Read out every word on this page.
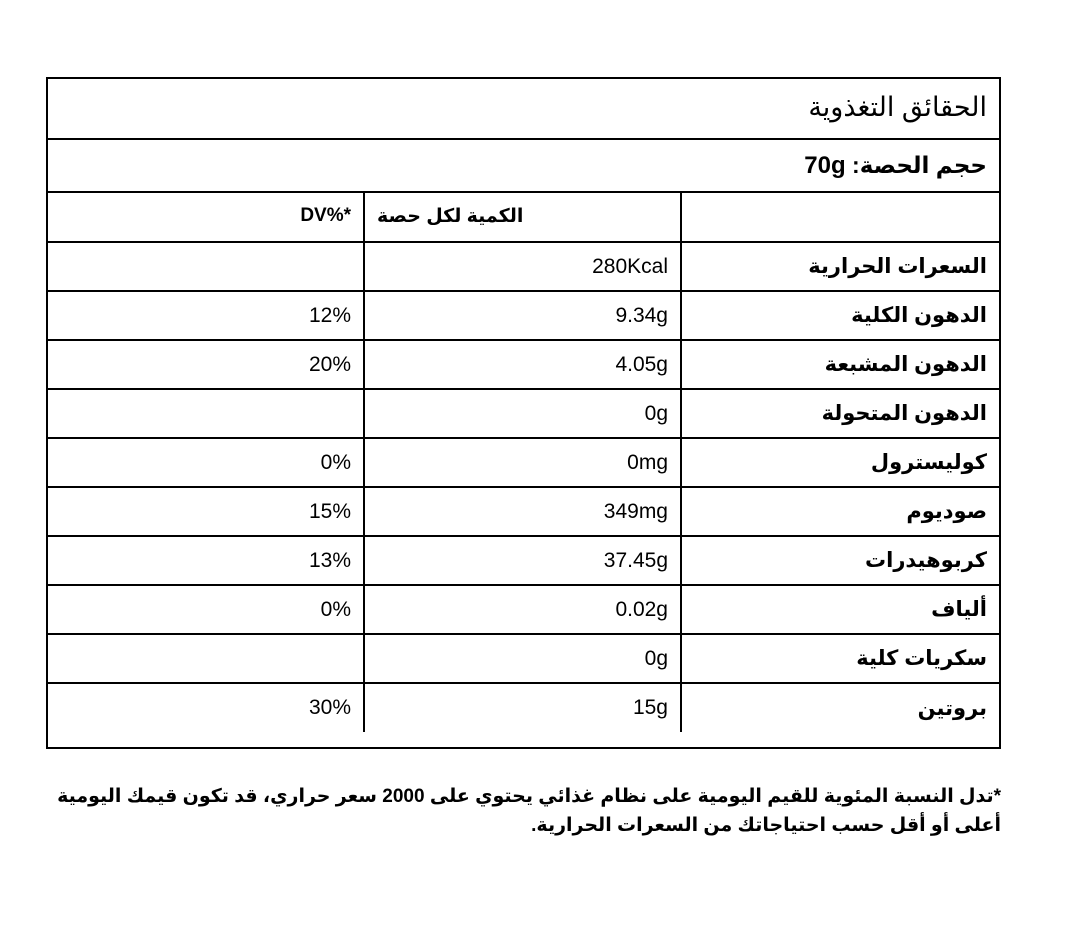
الحقائق التغذوية
حجم الحصة: 70g
DV%*	الكمية لكل حصة	
	280Kcal	السعرات الحرارية
12%	9.34g	الدهون الكلية
20%	4.05g	الدهون المشبعة
	0g	الدهون المتحولة
0%	0mg	كوليسترول
15%	349mg	صوديوم
13%	37.45g	كربوهيدرات
0%	0.02g	ألياف
	0g	سكريات كلية
30%	15g	بروتين
*تدل النسبة المئوية للقيم اليومية على نظام غذائي يحتوي على 2000 سعر حراري، قد تكون قيمك اليومية أعلى أو أقل حسب احتياجاتك من السعرات الحرارية.
